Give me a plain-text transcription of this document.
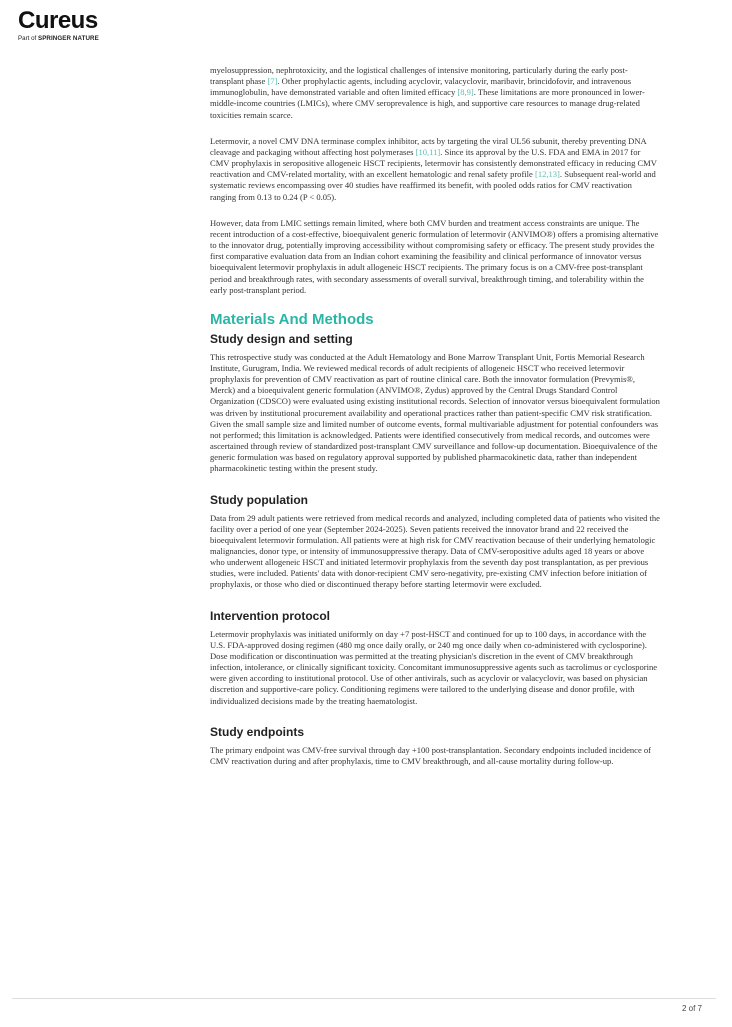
Cureus
Part of SPRINGER NATURE

myelosuppression, nephrotoxicity, and the logistical challenges of intensive monitoring, particularly during the early post-transplant phase [7]. Other prophylactic agents, including acyclovir, valacyclovir, maribavir, brincidofovir, and intravenous immunoglobulin, have demonstrated variable and often limited efficacy [8,9]. These limitations are more pronounced in lower-middle-income countries (LMICs), where CMV seroprevalence is high, and supportive care resources to manage drug-related toxicities remain scarce.

Letermovir, a novel CMV DNA terminase complex inhibitor, acts by targeting the viral UL56 subunit, thereby preventing DNA cleavage and packaging without affecting host polymerases [10,11]. Since its approval by the U.S. FDA and EMA in 2017 for CMV prophylaxis in seropositive allogeneic HSCT recipients, letermovir has consistently demonstrated efficacy in reducing CMV reactivation and CMV-related mortality, with an excellent hematologic and renal safety profile [12,13]. Subsequent real-world and systematic reviews encompassing over 40 studies have reaffirmed its benefit, with pooled odds ratios for CMV reactivation ranging from 0.13 to 0.24 (P < 0.05).

However, data from LMIC settings remain limited, where both CMV burden and treatment access constraints are unique. The recent introduction of a cost-effective, bioequivalent generic formulation of letermovir (ANVIMO®) offers a promising alternative to the innovator drug, potentially improving accessibility without compromising safety or efficacy. The present study provides the first comparative evaluation data from an Indian cohort examining the feasibility and clinical performance of innovator versus bioequivalent letermovir prophylaxis in adult allogeneic HSCT recipients. The primary focus is on a CMV-free post-transplant period and breakthrough rates, with secondary assessments of overall survival, breakthrough timing, and tolerability within the early post-transplant period.

Materials And Methods
Study design and setting

This retrospective study was conducted at the Adult Hematology and Bone Marrow Transplant Unit, Fortis Memorial Research Institute, Gurugram, India. We reviewed medical records of adult recipients of allogeneic HSCT who received letermovir prophylaxis for prevention of CMV reactivation as part of routine clinical care. Both the innovator formulation (Prevymis®, Merck) and a bioequivalent generic formulation (ANVIMO®, Zydus) approved by the Central Drugs Standard Control Organization (CDSCO) were evaluated using existing institutional records. Selection of innovator versus bioequivalent formulation was driven by institutional procurement availability and operational practices rather than patient-specific CMV risk stratification. Given the small sample size and limited number of outcome events, formal multivariable adjustment for potential confounders was not performed; this limitation is acknowledged. Patients were identified consecutively from medical records, and outcomes were ascertained through review of standardized post-transplant CMV surveillance and follow-up documentation. Bioequivalence of the generic formulation was based on regulatory approval supported by published pharmacokinetic data, rather than independent pharmacokinetic testing within the present study.

Study population

Data from 29 adult patients were retrieved from medical records and analyzed, including completed data of patients who visited the facility over a period of one year (September 2024-2025). Seven patients received the innovator brand and 22 received the bioequivalent letermovir formulation. All patients were at high risk for CMV reactivation because of their underlying hematologic malignancies, donor type, or intensity of immunosuppressive therapy. Data of CMV-seropositive adults aged 18 years or above who underwent allogeneic HSCT and initiated letermovir prophylaxis from the seventh day post transplantation, as per previous studies, were included. Patients' data with donor-recipient CMV sero-negativity, pre-existing CMV infection before initiation of prophylaxis, or those who died or discontinued therapy before starting letermovir were excluded.

Intervention protocol

Letermovir prophylaxis was initiated uniformly on day +7 post-HSCT and continued for up to 100 days, in accordance with the U.S. FDA-approved dosing regimen (480 mg once daily orally, or 240 mg once daily when co-administered with cyclosporine). Dose modification or discontinuation was permitted at the treating physician's discretion in the event of CMV breakthrough infection, intolerance, or clinically significant toxicity. Concomitant immunosuppressive agents such as tacrolimus or cyclosporine were given according to institutional protocol. Use of other antivirals, such as acyclovir or valacyclovir, was based on physician discretion and supportive-care policy. Conditioning regimens were tailored to the underlying disease and donor profile, with individualized decisions made by the treating haematologist.

Study endpoints

The primary endpoint was CMV-free survival through day +100 post-transplantation. Secondary endpoints included incidence of CMV reactivation during and after prophylaxis, time to CMV breakthrough, and all-cause mortality during follow-up.

2 of 7
